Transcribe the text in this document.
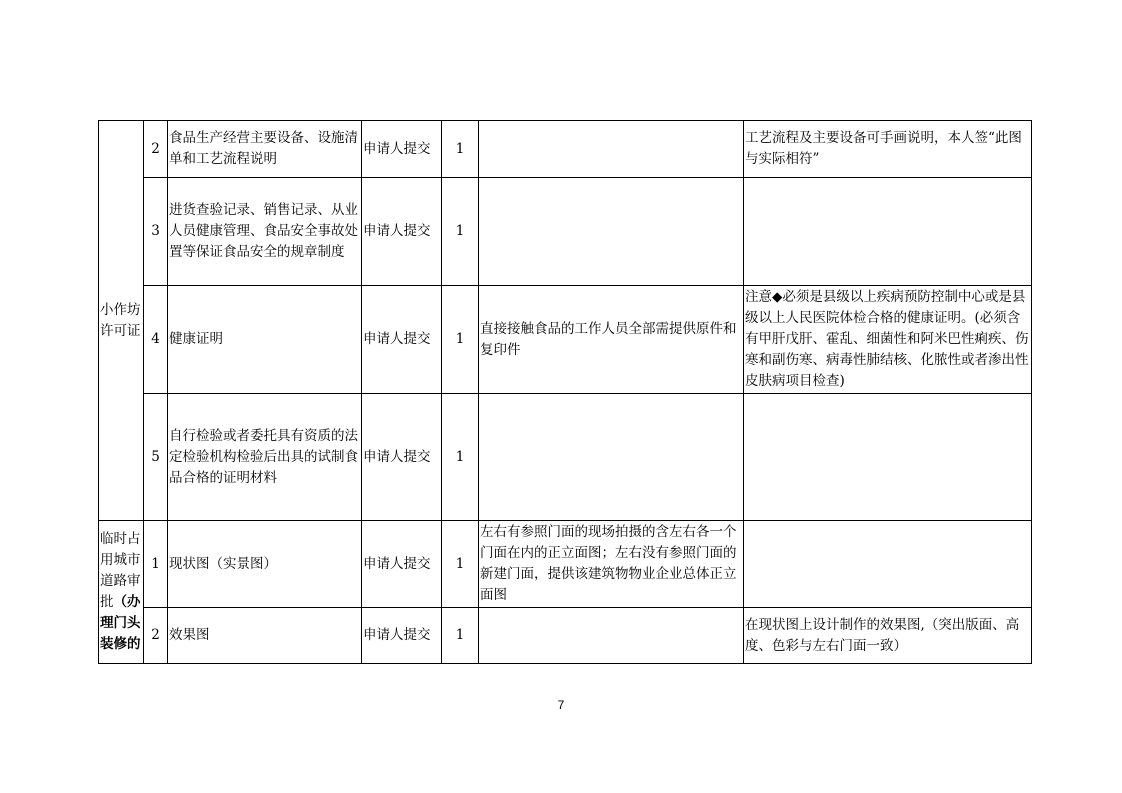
小作坊许可证	2	食品生产经营主要设备、设施清单和工艺流程说明	申请人提交	1		工艺流程及主要设备可手画说明，本人签“此图与实际相符”
	3	进货查验记录、销售记录、从业人员健康管理、食品安全事故处置等保证食品安全的规章制度	申请人提交	1		
	4	健康证明	申请人提交	1	直接接触食品的工作人员全部需提供原件和复印件	注意◆必须是县级以上疾病预防控制中心或是县级以上人民医院体检合格的健康证明。(必须含有甲肝戊肝、霍乱、细菌性和阿米巴性痢疾、伤寒和副伤寒、病毒性肺结核、化脓性或者渗出性皮肤病项目检查)
	5	自行检验或者委托具有资质的法定检验机构检验后出具的试制食品合格的证明材料	申请人提交	1		
临时占用城市道路审批（办理门头装修的	1	现状图（实景图）	申请人提交	1	左右有参照门面的现场拍摄的含左右各一个门面在内的正立面图；左右没有参照门面的新建门面，提供该建筑物物业企业总体正立面图	
	2	效果图	申请人提交	1		在现状图上设计制作的效果图,（突出版面、高度、色彩与左右门面一致）
7
